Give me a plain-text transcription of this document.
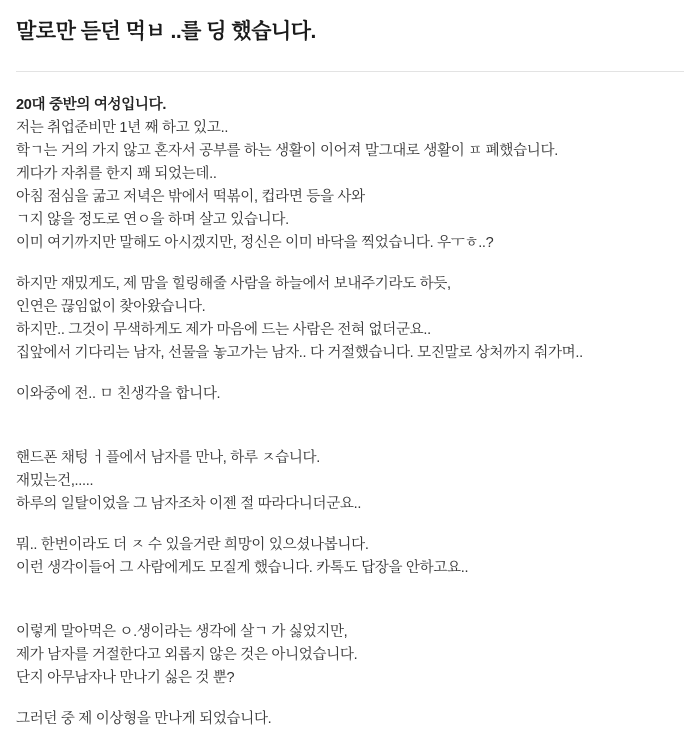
말로만 듣던 먹ㅂ ..를 딩 했습니다.
20대 중반의 여성입니다.
저는 취업준비만 1년 째 하고 있고..
학ㄱ는 거의 가지 않고 혼자서 공부를 하는 생활이 이어져 말그대로 생활이 ㅍ 폐했습니다.
게다가 자취를 한지 꽤 되었는데..
아침 점심을 굶고 저녁은 밖에서 떡볶이, 컵라면 등을 사와
ㄱ지 않을 정도로 연ㅇ을 하며 살고 있습니다.
이미 여기까지만 말해도 아시겠지만, 정신은 이미 바닥을 찍었습니다. 우ㅜㅎ..?
하지만 재밌게도, 제 맘을 힐링해줄 사람을 하늘에서 보내주기라도 하듯,
인연은 끊임없이 찾아왔습니다.
하지만.. 그것이 무색하게도 제가 마음에 드는 사람은 전혀 없더군요..
집앞에서 기다리는 남자, 선물을 놓고가는 남자.. 다 거절했습니다. 모진말로 상처까지 줘가며..
이와중에 전.. ㅁ 친생각을 합니다.
핸드폰 채텅 ㅓ플에서 남자를 만나, 하루 ㅈ습니다.
재밌는건,.....
하루의 일탈이었을 그 남자조차 이젠 절 따라다니더군요..
뭐.. 한번이라도 더 ㅈ 수 있을거란 희망이 있으셨나봅니다.
이런 생각이들어 그 사람에게도 모질게 했습니다. 카톡도 답장을 안하고요..
이렇게 말아먹은 ㅇ.생이라는 생각에 살ㄱ 가 싫었지만,
제가 남자를 거절한다고 외롭지 않은 것은 아니었습니다.
단지 아무남자나 만나기 싫은 것 뿐?
그러던 중 제 이상형을 만나게 되었습니다.
